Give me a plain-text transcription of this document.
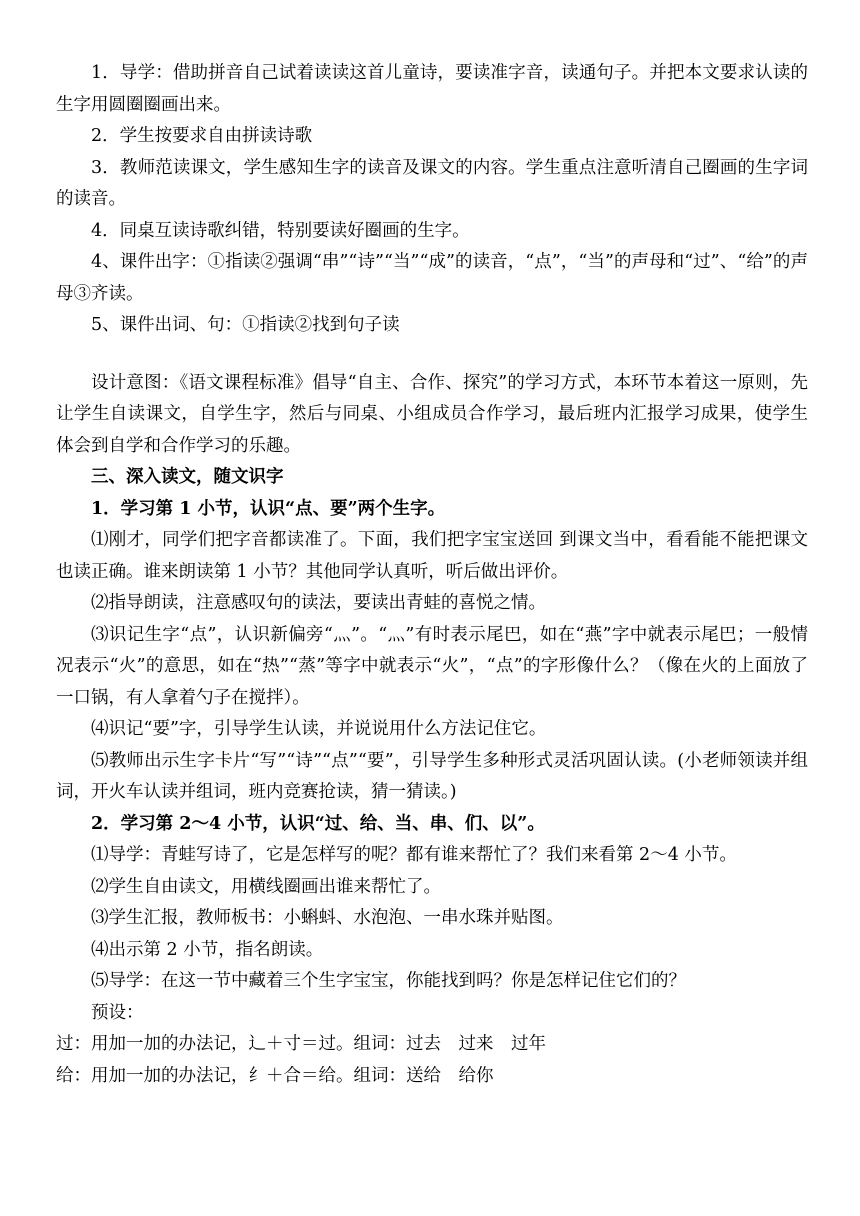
1．导学：借助拼音自己试着读读这首儿童诗，要读准字音，读通句子。并把本文要求认读的生字用圆圈圈画出来。

2．学生按要求自由拼读诗歌

3．教师范读课文，学生感知生字的读音及课文的内容。学生重点注意听清自己圈画的生字词的读音。

4．同桌互读诗歌纠错，特别要读好圈画的生字。

4、课件出字：①指读②强调“串”“诗”“当”“成”的读音，“点”，“当”的声母和“过”、“给”的声母③齐读。

5、课件出词、句：①指读②找到句子读

设计意图：《语文课程标准》倡导“自主、合作、探究”的学习方式，本环节本着这一原则，先让学生自读课文，自学生字，然后与同桌、小组成员合作学习，最后班内汇报学习成果，使学生体会到自学和合作学习的乐趣。

三、深入读文，随文识字

1．学习第 1 小节，认识“点、要”两个生字。

⑴刚才，同学们把字音都读准了。下面，我们把字宝宝送回 到课文当中，看看能不能把课文也读正确。谁来朗读第 1 小节？其他同学认真听，听后做出评价。

⑵指导朗读，注意感叹句的读法，要读出青蛙的喜悦之情。

⑶识记生字“点”，认识新偏旁“灬”。“灬”有时表示尾巴，如在“燕”字中就表示尾巴；一般情况表示“火”的意思，如在“热”“蒸”等字中就表示“火”，“点”的字形像什么？（像在火的上面放了一口锅，有人拿着勺子在搅拌）。

⑷识记“要”字，引导学生认读，并说说用什么方法记住它。

⑸教师出示生字卡片“写”“诗”“点”“要”，引导学生多种形式灵活巩固认读。(小老师领读并组词，开火车认读并组词，班内竞赛抢读，猜一猜读。)

2．学习第 2～4 小节，认识“过、给、当、串、们、以”。

⑴导学：青蛙写诗了，它是怎样写的呢？都有谁来帮忙了？我们来看第 2～4 小节。

⑵学生自由读文，用横线圈画出谁来帮忙了。

⑶学生汇报，教师板书：小蝌蚪、水泡泡、一串水珠并贴图。

⑷出示第 2 小节，指名朗读。

⑸导学：在这一节中藏着三个生字宝宝，你能找到吗？你是怎样记住它们的？

预设：

过：用加一加的办法记，辶＋寸＝过。组词：过去　过来　过年

给：用加一加的办法记，纟＋合＝给。组词：送给　给你
